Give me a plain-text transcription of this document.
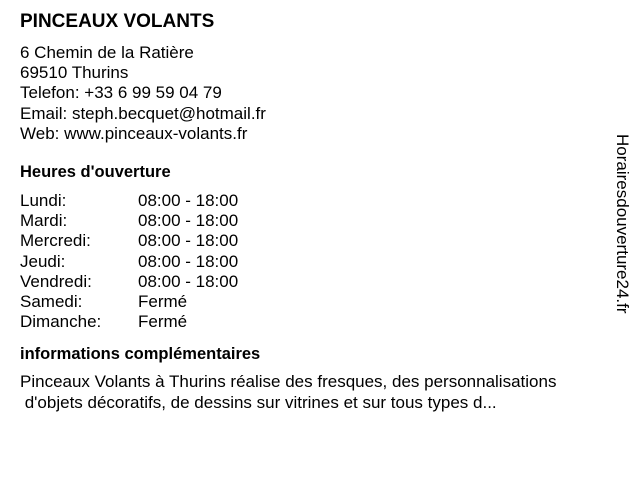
PINCEAUX VOLANTS
6 Chemin de la Ratière
69510 Thurins
Telefon: +33 6 99 59 04 79
Email: steph.becquet@hotmail.fr
Web: www.pinceaux-volants.fr
Heures d'ouverture
Lundi:	08:00 - 18:00
Mardi:	08:00 - 18:00
Mercredi:	08:00 - 18:00
Jeudi:	08:00 - 18:00
Vendredi:	08:00 - 18:00
Samedi:	Fermé
Dimanche:	Fermé
informations complémentaires
Pinceaux Volants à Thurins réalise des fresques, des personnalisations
d'objets décoratifs, de dessins sur vitrines et sur tous types d...
Horairesdouverture24.fr
